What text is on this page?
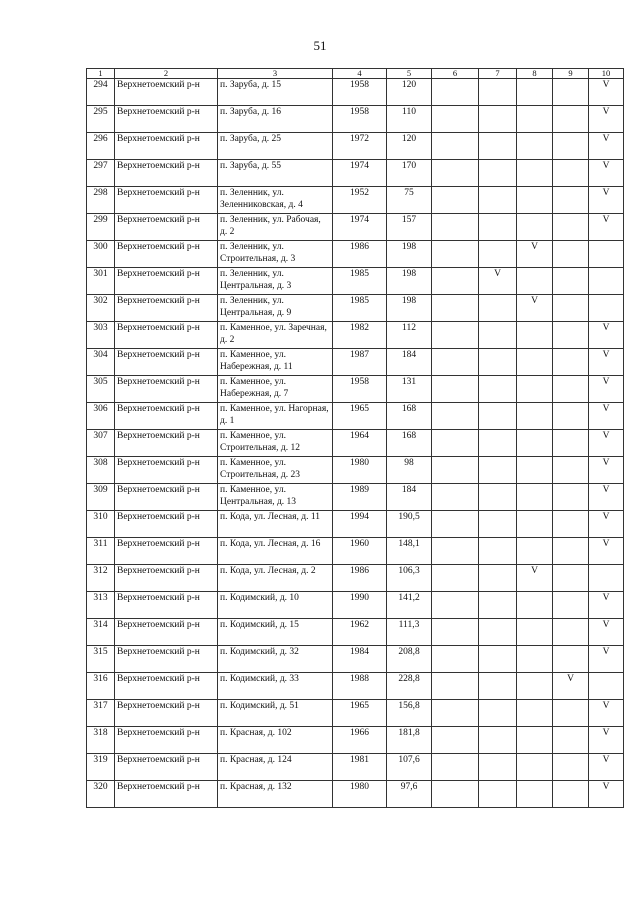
51
1	2	3	4	5	6	7	8	9	10
294	Верхнетоемский р-н	п. Заруба, д. 15	1958	120					V
295	Верхнетоемский р-н	п. Заруба, д. 16	1958	110					V
296	Верхнетоемский р-н	п. Заруба, д. 25	1972	120					V
297	Верхнетоемский р-н	п. Заруба, д. 55	1974	170					V
298	Верхнетоемский р-н	п. Зеленник, ул. Зеленниковская, д. 4	1952	75					V
299	Верхнетоемский р-н	п. Зеленник, ул. Рабочая, д. 2	1974	157					V
300	Верхнетоемский р-н	п. Зеленник, ул. Строительная, д. 3	1986	198			V		
301	Верхнетоемский р-н	п. Зеленник, ул. Центральная, д. 3	1985	198		V			
302	Верхнетоемский р-н	п. Зеленник, ул. Центральная, д. 9	1985	198			V		
303	Верхнетоемский р-н	п. Каменное, ул. Заречная, д. 2	1982	112					V
304	Верхнетоемский р-н	п. Каменное, ул. Набережная, д. 11	1987	184					V
305	Верхнетоемский р-н	п. Каменное, ул. Набережная, д. 7	1958	131					V
306	Верхнетоемский р-н	п. Каменное, ул. Нагорная, д. 1	1965	168					V
307	Верхнетоемский р-н	п. Каменное, ул. Строительная, д. 12	1964	168					V
308	Верхнетоемский р-н	п. Каменное, ул. Строительная, д. 23	1980	98					V
309	Верхнетоемский р-н	п. Каменное, ул. Центральная, д. 13	1989	184					V
310	Верхнетоемский р-н	п. Кода, ул. Лесная, д. 11	1994	190,5					V
311	Верхнетоемский р-н	п. Кода, ул. Лесная, д. 16	1960	148,1					V
312	Верхнетоемский р-н	п. Кода, ул. Лесная, д. 2	1986	106,3			V		
313	Верхнетоемский р-н	п. Кодимский, д. 10	1990	141,2					V
314	Верхнетоемский р-н	п. Кодимский, д. 15	1962	111,3					V
315	Верхнетоемский р-н	п. Кодимский, д. 32	1984	208,8					V
316	Верхнетоемский р-н	п. Кодимский, д. 33	1988	228,8				V	
317	Верхнетоемский р-н	п. Кодимский, д. 51	1965	156,8					V
318	Верхнетоемский р-н	п. Красная, д. 102	1966	181,8					V
319	Верхнетоемский р-н	п. Красная, д. 124	1981	107,6					V
320	Верхнетоемский р-н	п. Красная, д. 132	1980	97,6					V
